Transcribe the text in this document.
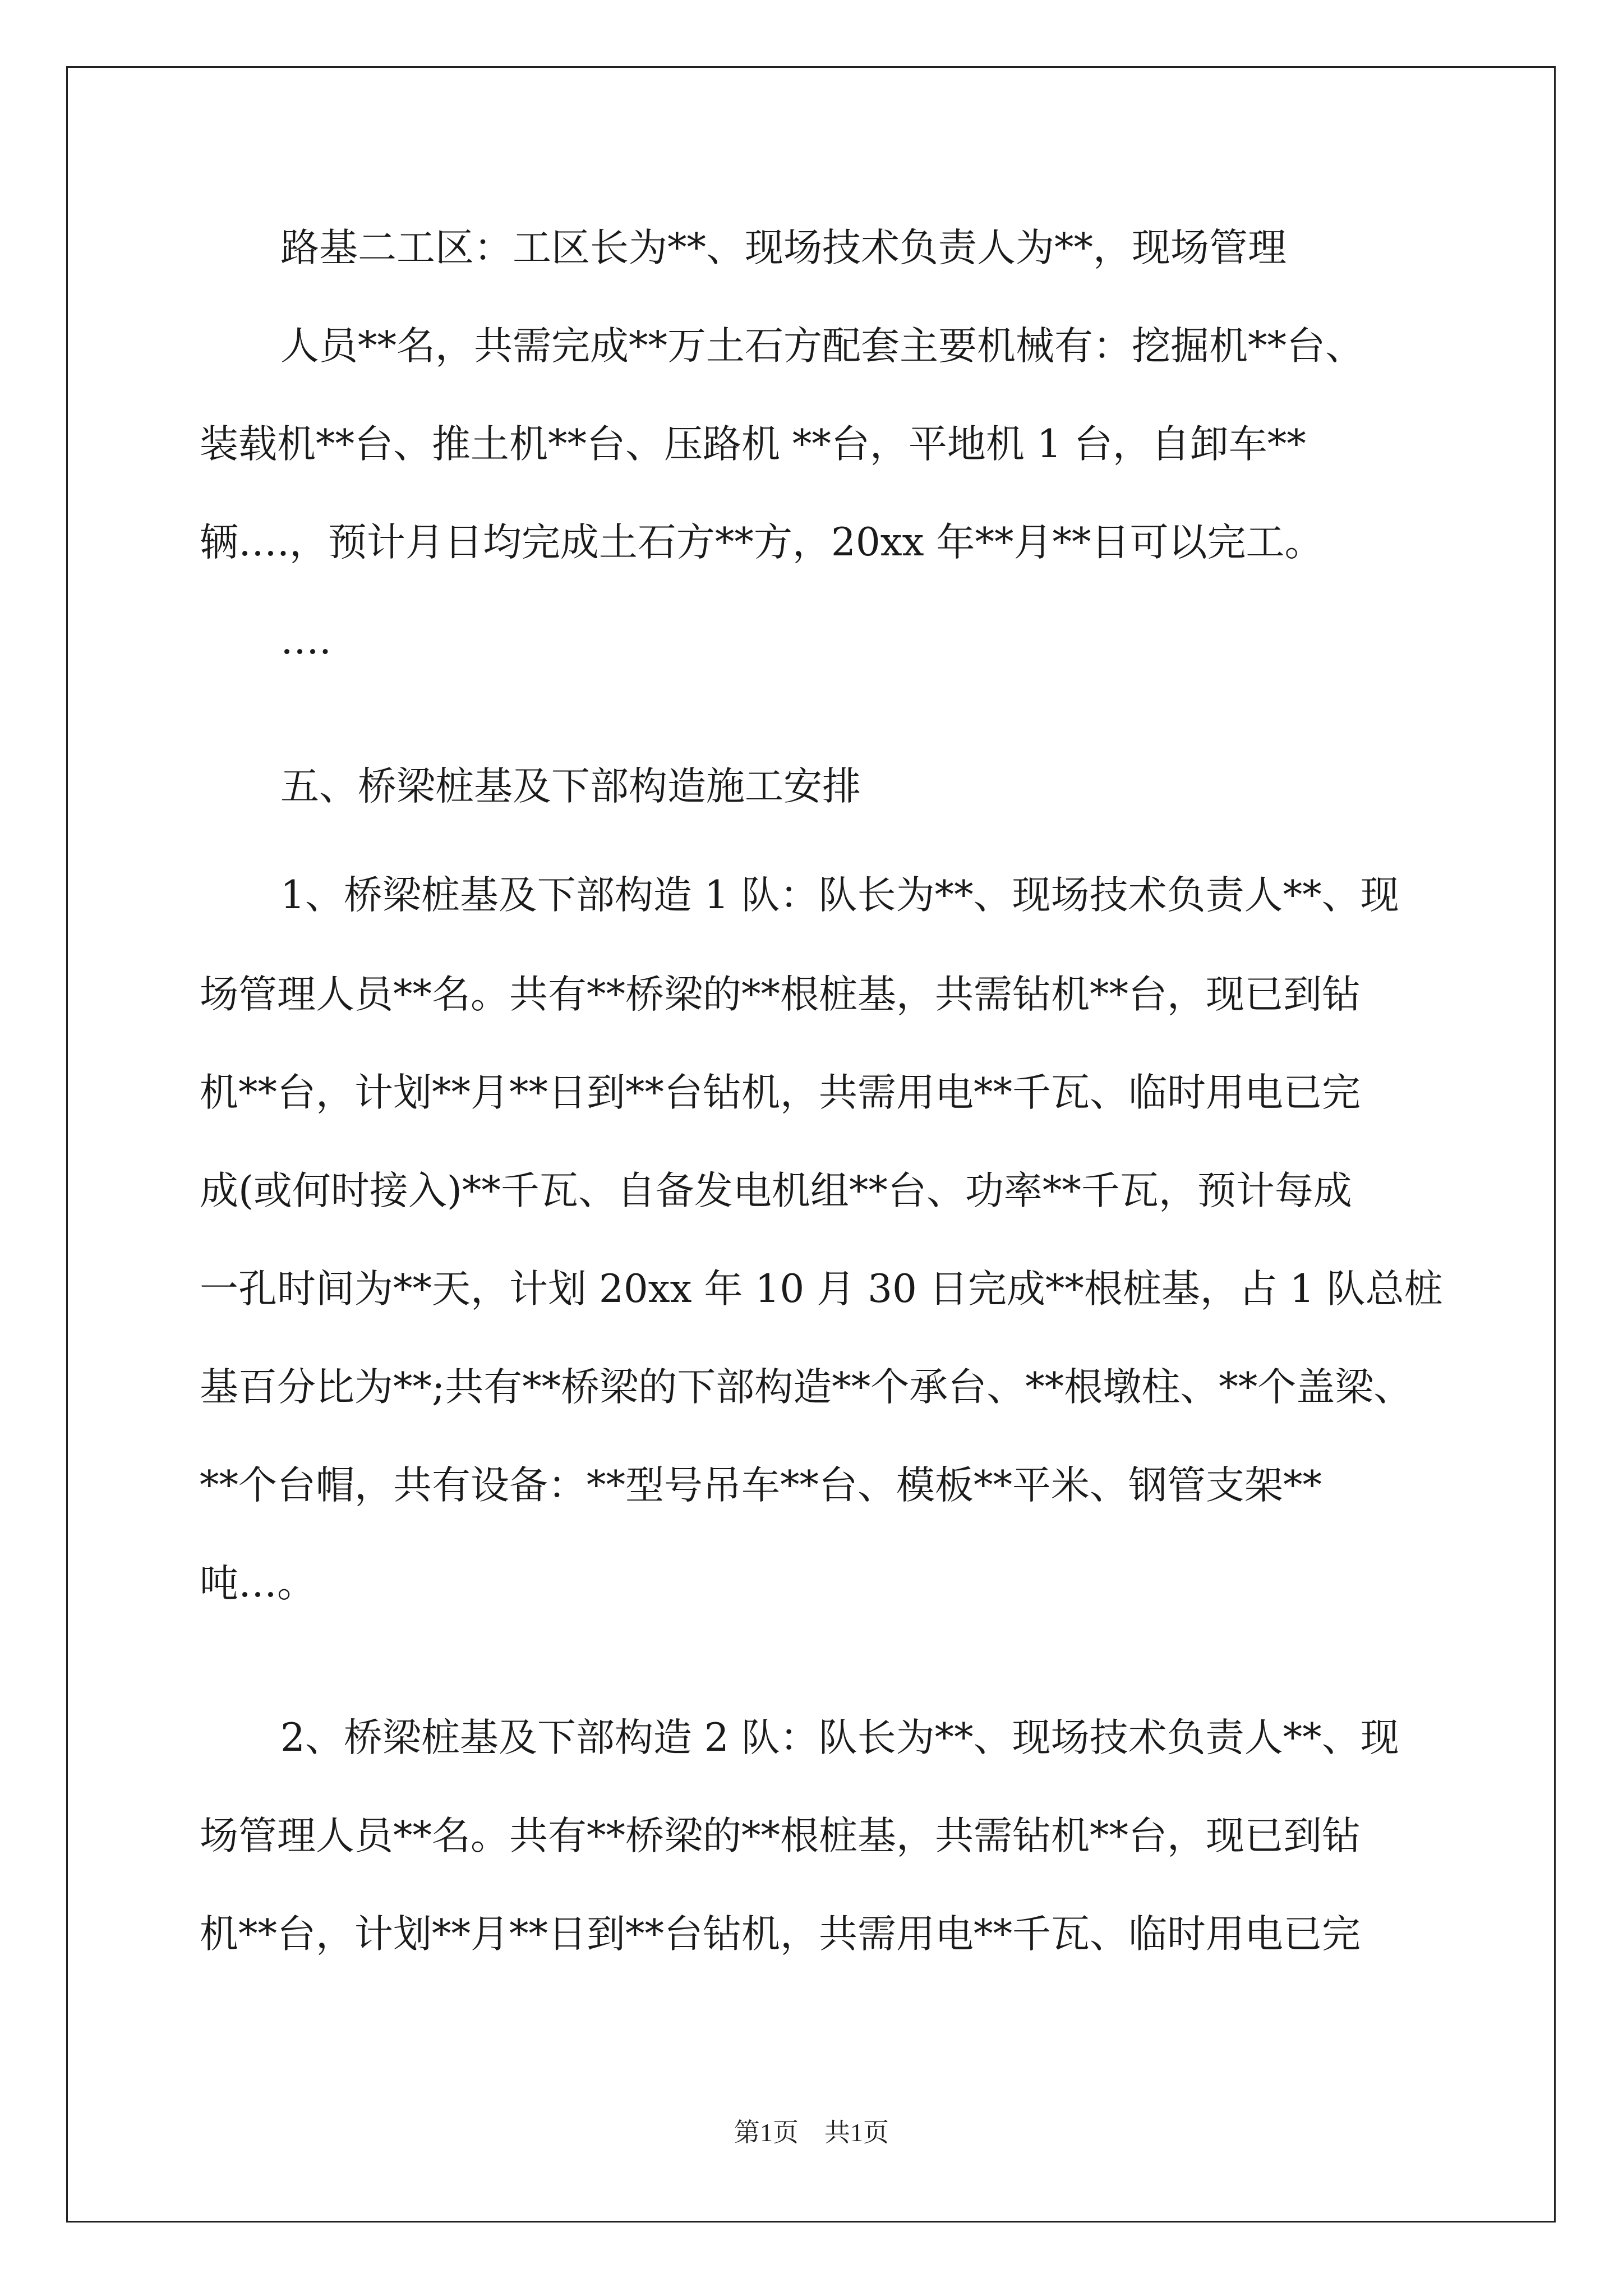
路基二工区：工区长为**、现场技术负责人为**，现场管理

人员**名，共需完成**万土石方配套主要机械有：挖掘机**台、

装载机**台、推土机**台、压路机 **台，平地机 1 台，自卸车**

辆….，预计月日均完成土石方**方，20xx 年**月**日可以完工。

….

五、桥梁桩基及下部构造施工安排

1、桥梁桩基及下部构造 1 队：队长为**、现场技术负责人**、现

场管理人员**名。共有**桥梁的**根桩基，共需钻机**台，现已到钻

机**台，计划**月**日到**台钻机，共需用电**千瓦、临时用电已完

成(或何时接入)**千瓦、自备发电机组**台、功率**千瓦，预计每成

一孔时间为**天，计划 20xx 年 10 月 30 日完成**根桩基，占 1 队总桩

基百分比为**;共有**桥梁的下部构造**个承台、**根墩柱、**个盖梁、

**个台帽，共有设备：**型号吊车**台、模板**平米、钢管支架**

吨…。

2、桥梁桩基及下部构造 2 队：队长为**、现场技术负责人**、现

场管理人员**名。共有**桥梁的**根桩基，共需钻机**台，现已到钻

机**台，计划**月**日到**台钻机，共需用电**千瓦、临时用电已完

第1页　共1页
